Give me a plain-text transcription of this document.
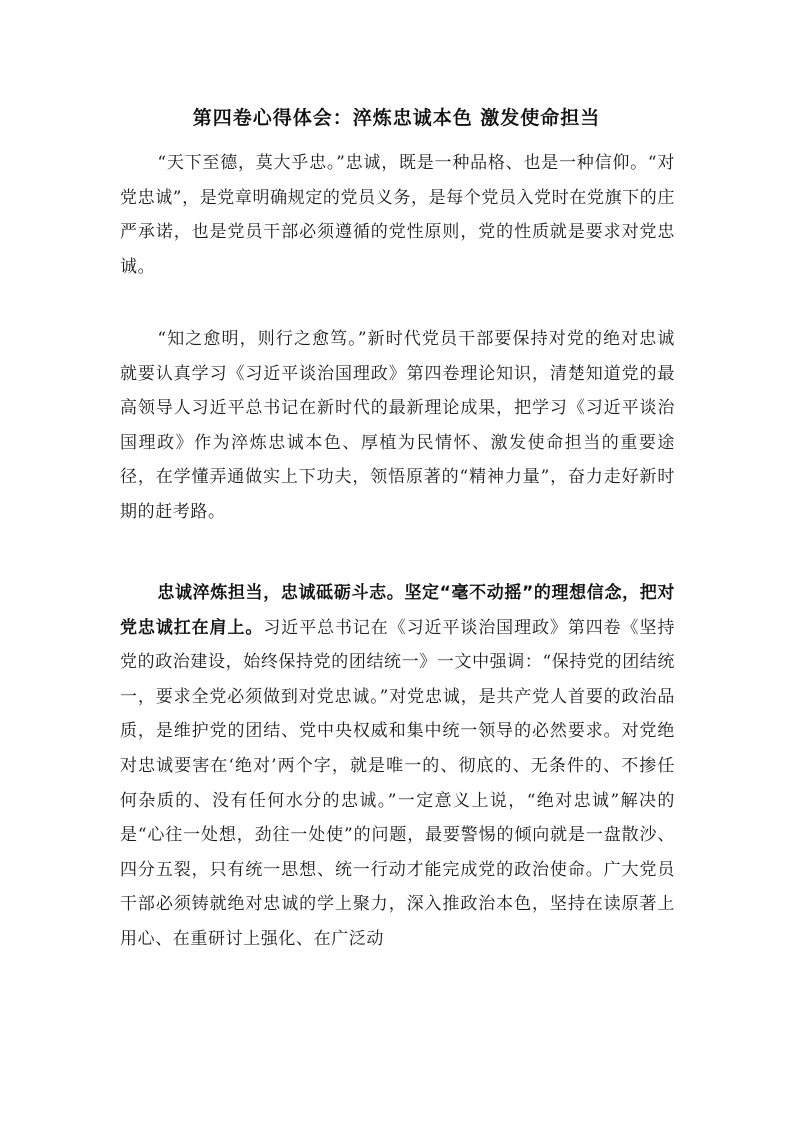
第四卷心得体会：淬炼忠诚本色 激发使命担当

“天下至德，莫大乎忠。”忠诚，既是一种品格、也是一种信仰。“对党忠诚”，是党章明确规定的党员义务，是每个党员入党时在党旗下的庄严承诺，也是党员干部必须遵循的党性原则，党的性质就是要求对党忠诚。

“知之愈明，则行之愈笃。”新时代党员干部要保持对党的绝对忠诚就要认真学习《习近平谈治国理政》第四卷理论知识，清楚知道党的最高领导人习近平总书记在新时代的最新理论成果，把学习《习近平谈治国理政》作为淬炼忠诚本色、厚植为民情怀、激发使命担当的重要途径，在学懂弄通做实上下功夫，领悟原著的“精神力量”，奋力走好新时期的赶考路。

忠诚淬炼担当，忠诚砥砺斗志。坚定“毫不动摇”的理想信念，把对党忠诚扛在肩上。习近平总书记在《习近平谈治国理政》第四卷《坚持党的政治建设，始终保持党的团结统一》一文中强调：“保持党的团结统一，要求全党必须做到对党忠诚。”对党忠诚，是共产党人首要的政治品质，是维护党的团结、党中央权威和集中统一领导的必然要求。对党绝对忠诚要害在‘绝对’两个字，就是唯一的、彻底的、无条件的、不掺任何杂质的、没有任何水分的忠诚。”一定意义上说，“绝对忠诚”解决的是“心往一处想，劲往一处使”的问题，最要警惕的倾向就是一盘散沙、四分五裂，只有统一思想、统一行动才能完成党的政治使命。广大党员干部必须铸就绝对忠诚的学上聚力，深入推政治本色，坚持在读原著上用心、在重研讨上强化、在广泛动
